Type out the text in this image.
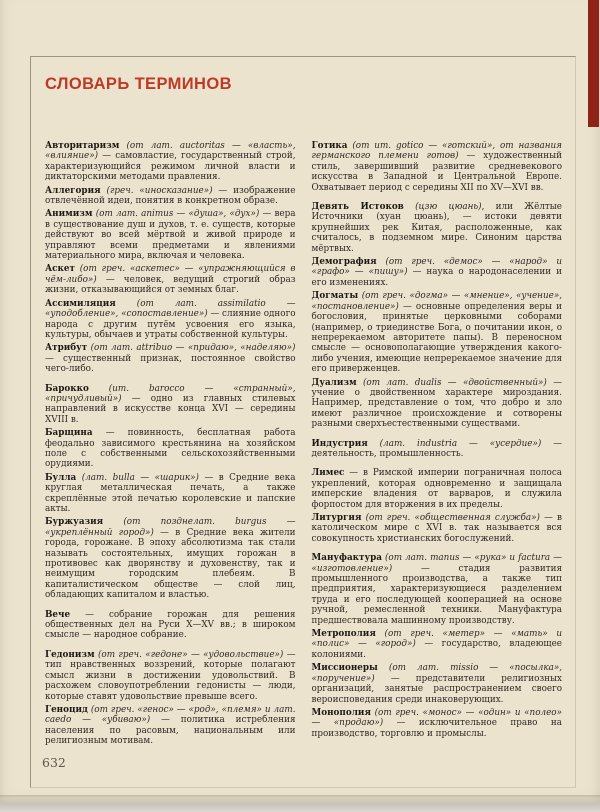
СЛОВАРЬ ТЕРМИНОВ

Авторитаризм (от лат. auctoritas — «власть», «влияние») — самовластие, государственный строй, характеризующийся режимом личной власти и диктаторскими методами правления.

Аллегория (греч. «иносказание») — изображение отвлечённой идеи, понятия в конкретном образе.

Анимизм (от лат. animus — «душа», «дух») — вера в существование душ и духов, т. е. существ, которые действуют во всей мёртвой и живой природе и управляют всеми предметами и явлениями материального мира, включая и человека.

Аскет (от греч. «аскетес» — «упражняющийся в чём-либо») — человек, ведущий строгий образ жизни, отказывающийся от земных благ.

Ассимиляция (от лат. assimilatio — «уподобление», «сопоставление») — слияние одного народа с другим путём усвоения его языка, культуры, обычаев и утраты собственной культуры.

Атрибут (от лат. attribuo — «придаю», «наделяю») — существенный признак, постоянное свойство чего-либо.

Барокко (ит. barocco — «странный», «причудливый») — одно из главных стилевых направлений в искусстве конца XVI — середины XVIII в.

Барщина — повинность, бесплатная работа феодально зависимого крестьянина на хозяйском поле с собственными сельскохозяйственными орудиями.

Булла (лат. bulla — «шарик») — в Средние века круглая металлическая печать, а также скреплённые этой печатью королевские и папские акты.

Буржуазия (от позднелат. burgus — «укреплённый город») — в Средние века жители города, горожане. В эпоху абсолютизма так стали называть состоятельных, имущих горожан в противовес как дворянству и духовенству, так и неимущим городским плебеям. В капиталистическом обществе — слой лиц, обладающих капиталом и властью.

Вече — собрание горожан для решения общественных дел на Руси X—XV вв.; в широком смысле — народное собрание.

Гедонизм (от греч. «гедоне» — «удовольствие») — тип нравственных воззрений, которые полагают смысл жизни в достижении удовольствий. В расхожем словоупотреблении гедонисты — люди, которые ставят удовольствие превыше всего.

Геноцид (от греч. «генос» — «род», «племя» и лат. caedo — «убиваю») — политика истребления населения по расовым, национальным или религиозным мотивам.

Готика (от ит. gotico — «готский», от названия германского племени готов) — художественный стиль, завершивший развитие средневекового искусства в Западной и Центральной Европе. Охватывает период с середины XII по XV—XVI вв.

Девять Истоков (цзю цюань), или Жёлтые Источники (хуан цюань), — истоки девяти крупнейших рек Китая, расположенные, как считалось, в подземном мире. Синоним царства мёртвых.

Демография (от греч. «демос» — «народ» и «графо» — «пишу») — наука о народонаселении и его изменениях.

Догматы (от греч. «догма» — «мнение», «учение», «постановление») — основные определения веры и богословия, принятые церковными соборами (например, о триединстве Бога, о почитании икон, о непререкаемом авторитете папы). В переносном смысле — основополагающие утверждения какого-либо учения, имеющие непререкаемое значение для его приверженцев.

Дуализм (от лат. dualis — «двойственный») — учение о двойственном характере мироздания. Например, представление о том, что добро и зло имеют различное происхождение и сотворены разными сверхъестественными существами.

Индустрия (лат. industria — «усердие») — деятельность, промышленность.

Лимес — в Римской империи пограничная полоса укреплений, которая одновременно и защищала имперские владения от варваров, и служила форпостом для вторжения в их пределы.

Литургия (от греч. «общественная служба») — в католическом мире с XVI в. так называется вся совокупность христианских богослужений.

Мануфактура (от лат. manus — «рука» и factura — «изготовление») — стадия развития промышленного производства, а также тип предприятия, характеризующиеся разделением труда и его последующей кооперацией на основе ручной, ремесленной техники. Мануфактура предшествовала машинному производству.

Метрополия (от греч. «метер» — «мать» и «полис» — «город») — государство, владеющее колониями.

Миссионеры (от лат. missio — «посылка», «поручение») — представители религиозных организаций, занятые распространением своего вероисповедания среди инаковерующих.

Монополия (от греч. «монос» — «один» и «полео» — «продаю») — исключительное право на производство, торговлю и промыслы.

632
